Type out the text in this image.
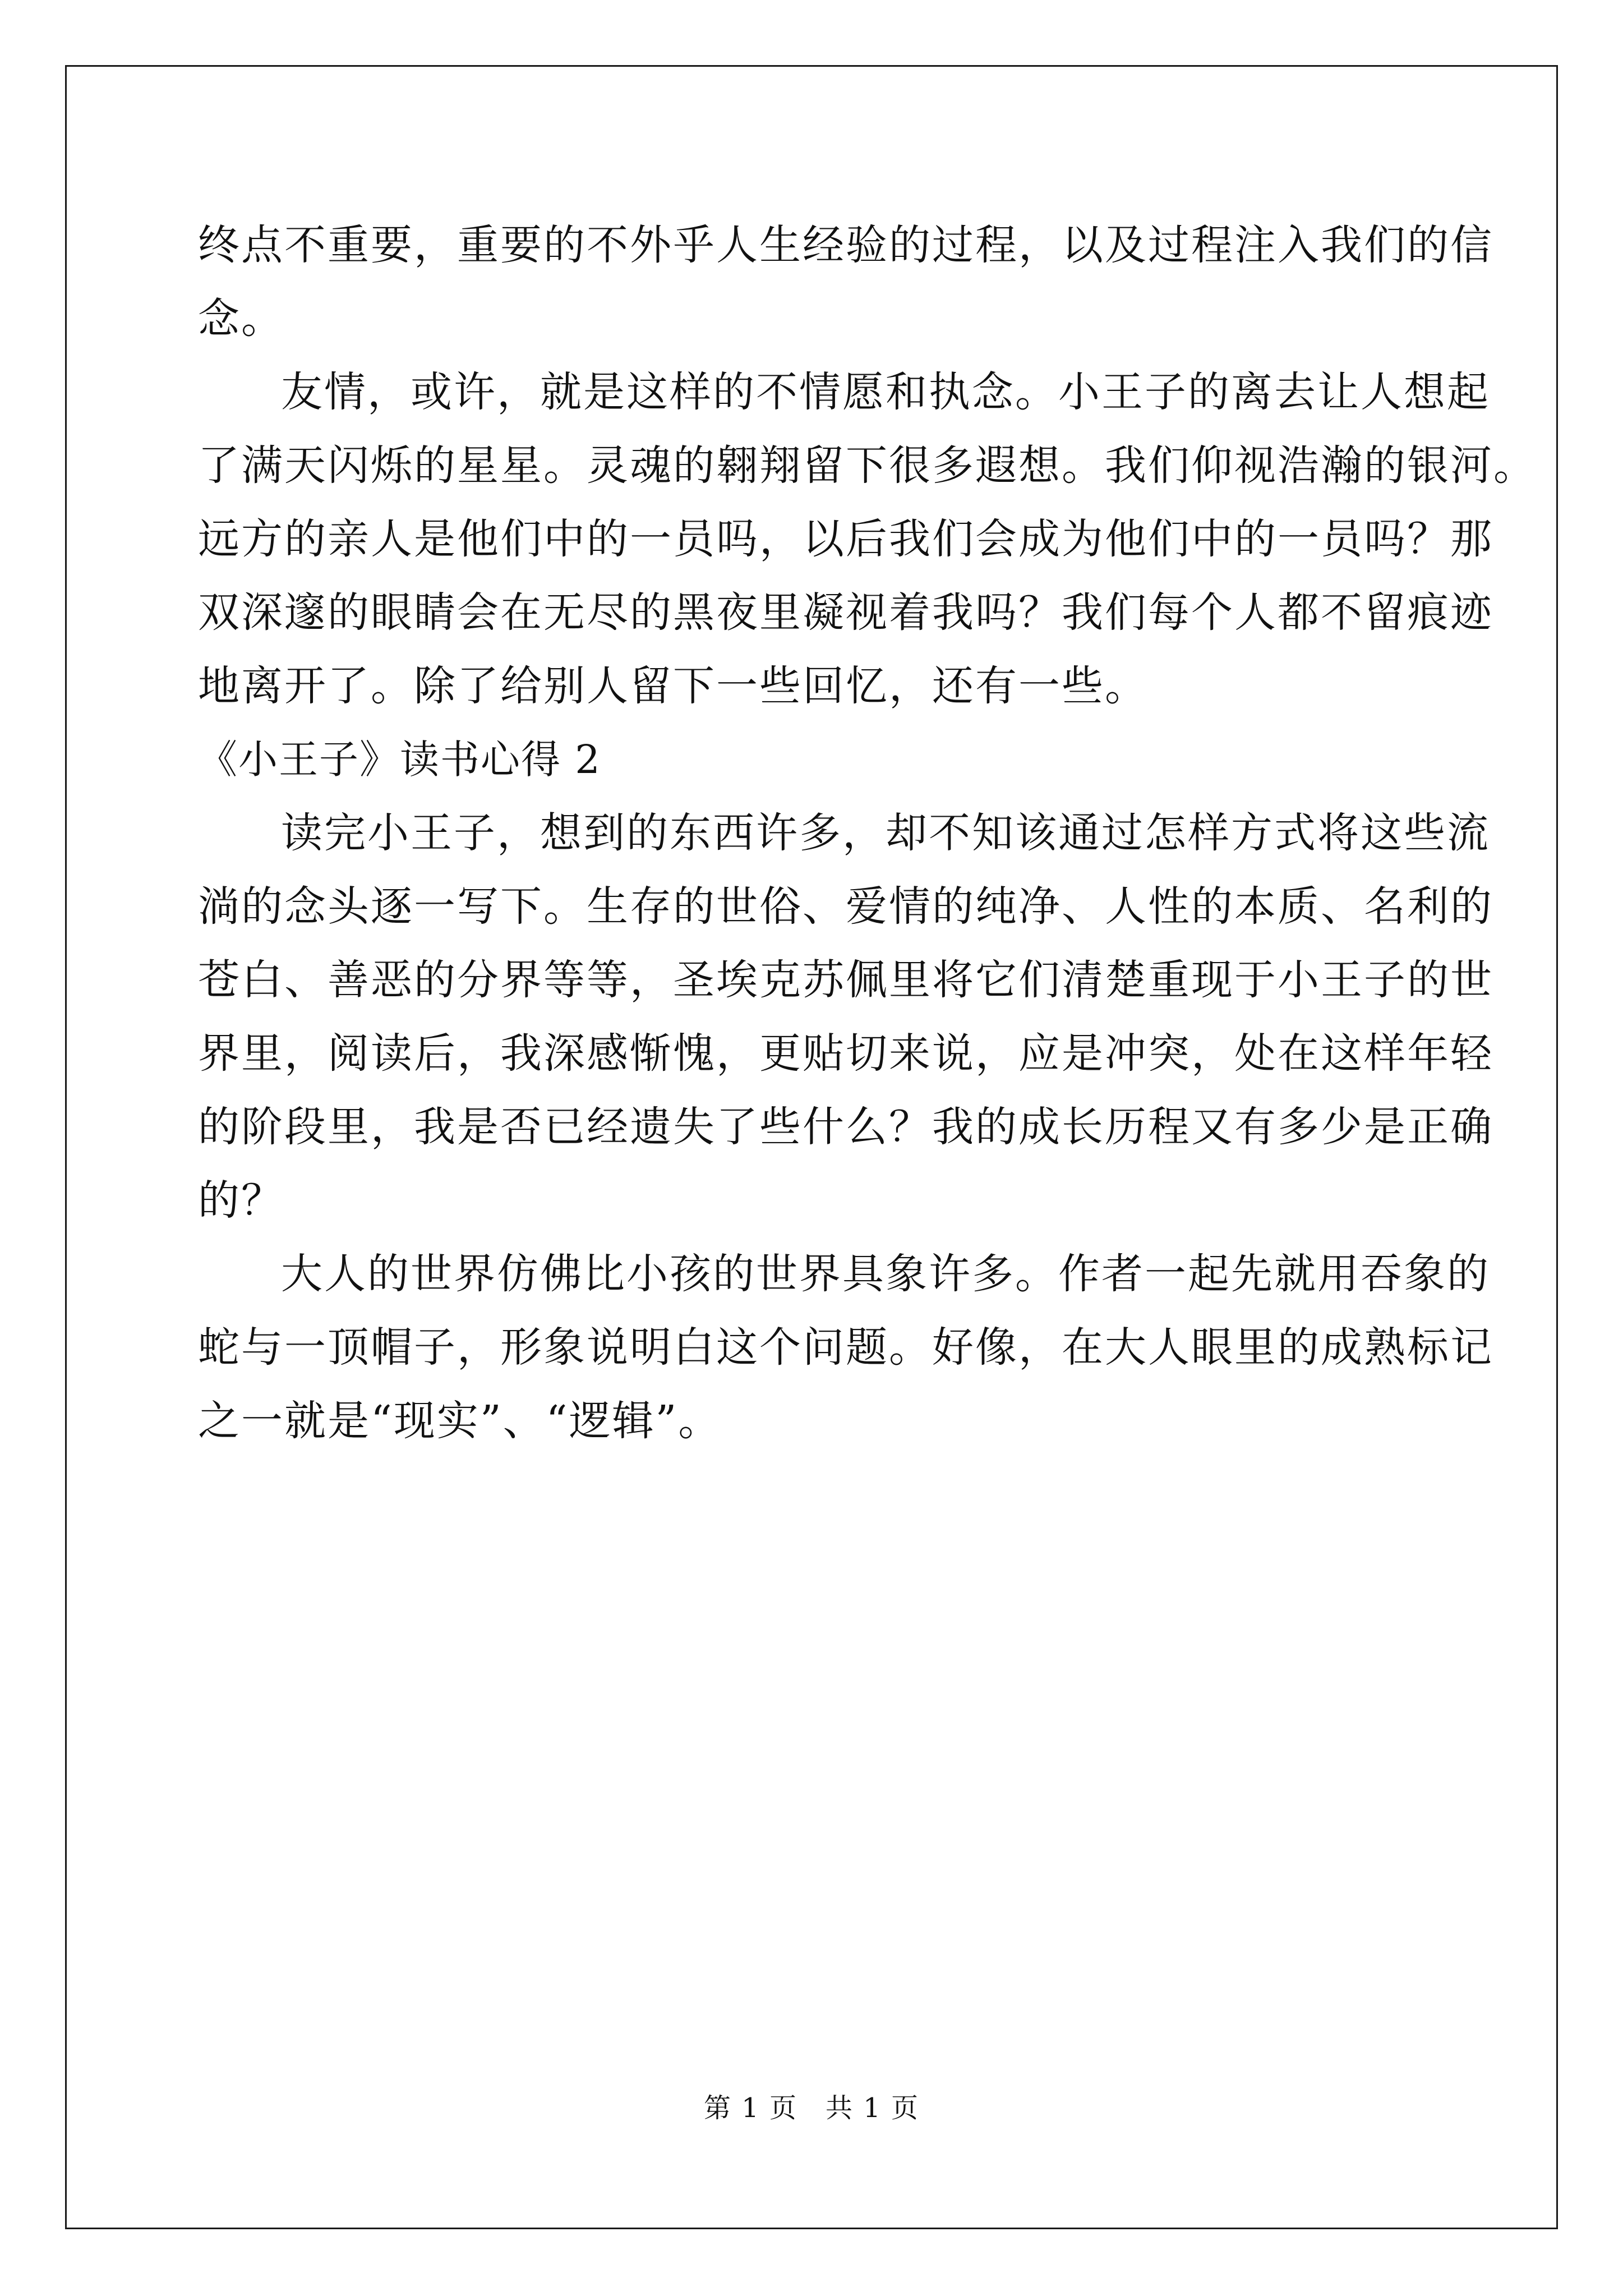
终点不重要，重要的不外乎人生经验的过程，以及过程注入我们的信
念。
友情，或许，就是这样的不情愿和执念。小王子的离去让人想起
了满天闪烁的星星。灵魂的翱翔留下很多遐想。我们仰视浩瀚的银河。
远方的亲人是他们中的一员吗，以后我们会成为他们中的一员吗？那
双深邃的眼睛会在无尽的黑夜里凝视着我吗？我们每个人都不留痕迹
地离开了。除了给别人留下一些回忆，还有一些。
《小王子》读书心得 2
读完小王子，想到的东西许多，却不知该通过怎样方式将这些流
淌的念头逐一写下。生存的世俗、爱情的纯净、人性的本质、名利的
苍白、善恶的分界等等，圣埃克苏佩里将它们清楚重现于小王子的世
界里，阅读后，我深感惭愧，更贴切来说，应是冲突，处在这样年轻
的阶段里，我是否已经遗失了些什么？我的成长历程又有多少是正确
的？
大人的世界仿佛比小孩的世界具象许多。作者一起先就用吞象的
蛇与一顶帽子，形象说明白这个问题。好像，在大人眼里的成熟标记
之一就是“现实”、“逻辑”。
第 1 页　共 1 页
